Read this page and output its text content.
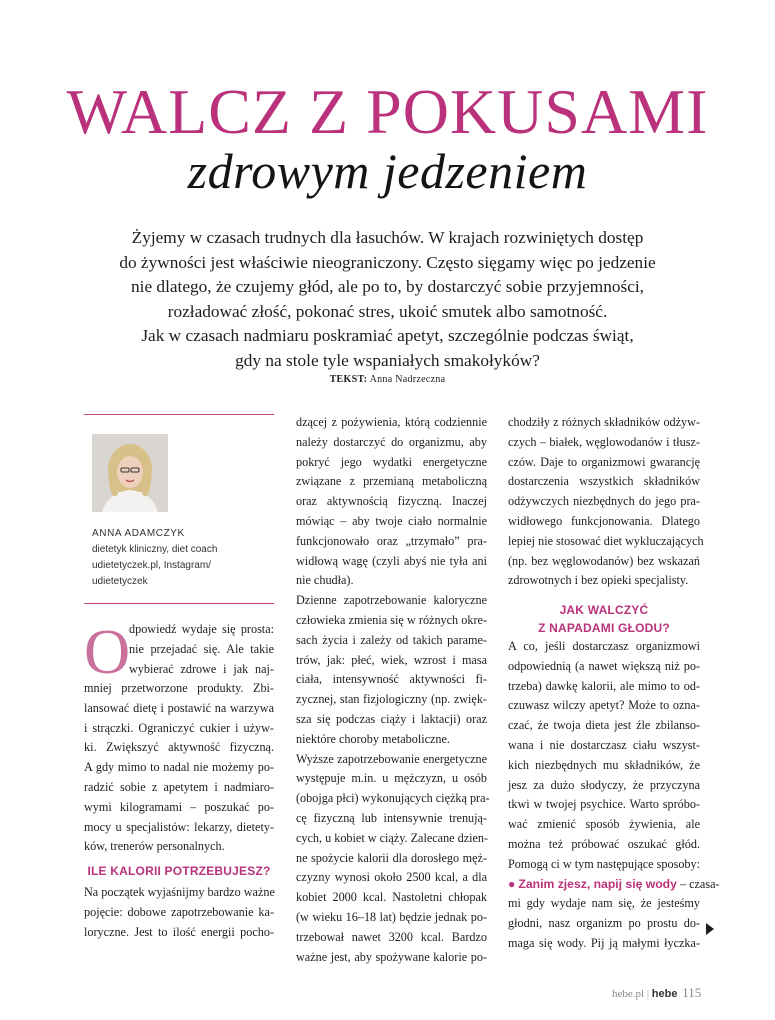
WALCZ Z POKUSAMI
zdrowym jedzeniem
Żyjemy w czasach trudnych dla łasuchów. W krajach rozwiniętych dostęp
do żywności jest właściwie nieograniczony. Często sięgamy więc po jedzenie
nie dlatego, że czujemy głód, ale po to, by dostarczyć sobie przyjemności,
rozładować złość, pokonać stres, ukoić smutek albo samotność.
Jak w czasach nadmiaru poskramiać apetyt, szczególnie podczas świąt,
gdy na stole tyle wspaniałych smakołyków?
TEKST: Anna Nadrzeczna
ANNA ADAMCZYK
dietetyk kliniczny, diet coach
udietetyczek.pl, Instagram/
udietetyczek
O
dpowiedź wydaje się prosta:
nie przejadać się. Ale takie
wybierać zdrowe i jak naj-
mniej przetworzone produkty. Zbi-
lansować dietę i postawić na warzywa
i strączki. Ograniczyć cukier i używ-
ki. Zwiększyć aktywność fizyczną.
A gdy mimo to nadal nie możemy po-
radzić sobie z apetytem i nadmiaro-
wymi kilogramami – poszukać po-
mocy u specjalistów: lekarzy, dietety-
ków, trenerów personalnych.
ILE KALORII POTRZEBUJESZ?
Na początek wyjaśnijmy bardzo ważne
pojęcie: dobowe zapotrzebowanie ka-
loryczne. Jest to ilość energii pocho-
dzącej z pożywienia, którą codziennie
należy dostarczyć do organizmu, aby
pokryć jego wydatki energetyczne
związane z przemianą metaboliczną
oraz aktywnością fizyczną. Inaczej
mówiąc – aby twoje ciało normalnie
funkcjonowało oraz „trzymało” pra-
widłową wagę (czyli abyś nie tyła ani
nie chudła).
Dzienne zapotrzebowanie kaloryczne
człowieka zmienia się w różnych okre-
sach życia i zależy od takich parame-
trów, jak: płeć, wiek, wzrost i masa
ciała, intensywność aktywności fi-
zycznej, stan fizjologiczny (np. zwięk-
sza się podczas ciąży i laktacji) oraz
niektóre choroby metaboliczne.
Wyższe zapotrzebowanie energetyczne
występuje m.in. u mężczyzn, u osób
(obojga płci) wykonujących ciężką pra-
cę fizyczną lub intensywnie trenują-
cych, u kobiet w ciąży. Zalecane dzien-
ne spożycie kalorii dla dorosłego męż-
czyzny wynosi około 2500 kcal, a dla
kobiet 2000 kcal. Nastoletni chłopak
(w wieku 16–18 lat) będzie jednak po-
trzebował nawet 3200 kcal. Bardzo
ważne jest, aby spożywane kalorie po-
chodziły z różnych składników odżyw-
czych – białek, węglowodanów i tłusz-
czów. Daje to organizmowi gwarancję
dostarczenia wszystkich składników
odżywczych niezbędnych do jego pra-
widłowego funkcjonowania. Dlatego
lepiej nie stosować diet wykluczających
(np. bez węglowodanów) bez wskazań
zdrowotnych i bez opieki specjalisty.
JAK WALCZYĆ
Z NAPADAMI GŁODU?
A co, jeśli dostarczasz organizmowi
odpowiednią (a nawet większą niż po-
trzeba) dawkę kalorii, ale mimo to od-
czuwasz wilczy apetyt? Może to ozna-
czać, że twoja dieta jest źle zbilanso-
wana i nie dostarczasz ciału wszyst-
kich niezbędnych mu składników, że
jesz za dużo słodyczy, że przyczyna
tkwi w twojej psychice. Warto spróbo-
wać zmienić sposób żywienia, ale
można też próbować oszukać głód.
Pomogą ci w tym następujące sposoby:
● Zanim zjesz, napij się wody – czasa-
mi gdy wydaje nam się, że jesteśmy
głodni, nasz organizm po prostu do-
maga się wody. Pij ją małymi łyczka-
hebe.pl | hebe 115
